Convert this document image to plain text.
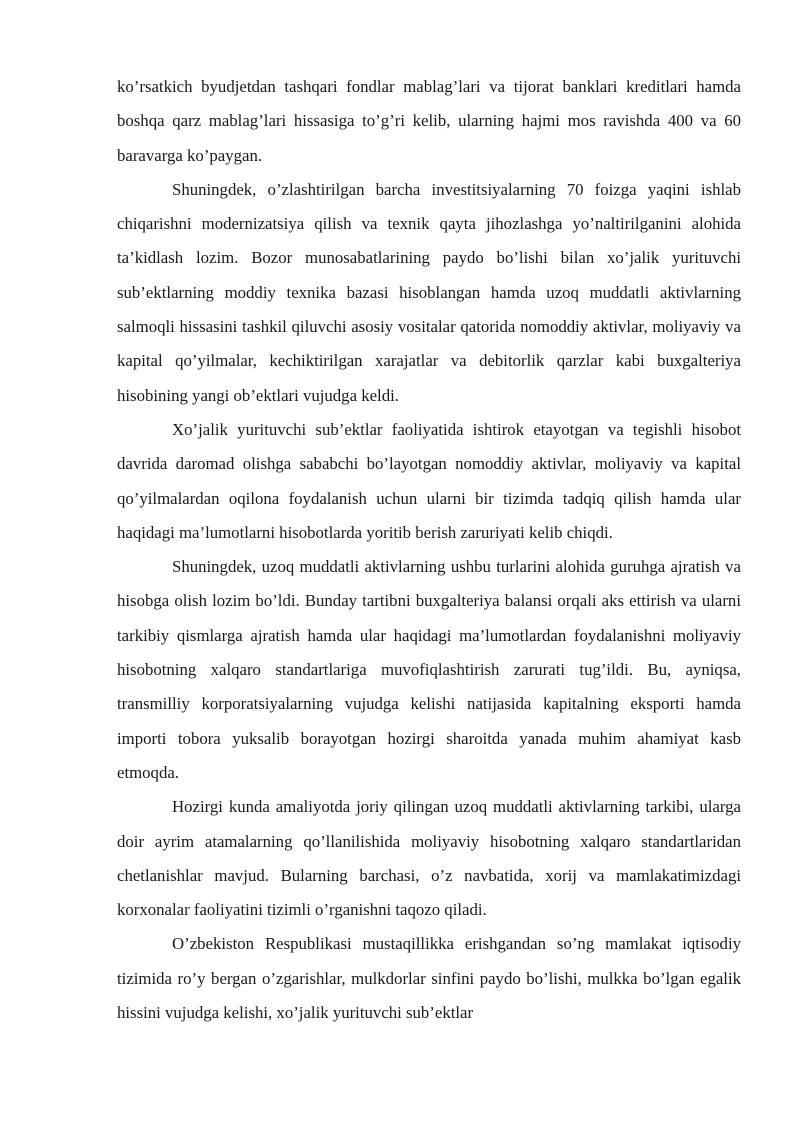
ko’rsatkich byudjetdan tashqari fondlar mablag’lari va tijorat banklari kreditlari hamda boshqa qarz mablag’lari hissasiga to’g’ri kelib, ularning hajmi mos ravishda 400 va 60 baravarga ko’paygan.

Shuningdek, o’zlashtirilgan barcha investitsiyalarning 70 foizga yaqini ishlab chiqarishni modernizatsiya qilish va texnik qayta jihozlashga yo’naltirilganini alohida ta’kidlash lozim. Bozor munosabatlarining paydo bo’lishi bilan xo’jalik yurituvchi sub’ektlarning moddiy texnika bazasi hisoblangan hamda uzoq muddatli aktivlarning salmoqli hissasini tashkil qiluvchi asosiy vositalar qatorida nomoddiy aktivlar, moliyaviy va kapital qo’yilmalar, kechiktirilgan xarajatlar va debitorlik qarzlar kabi buxgalteriya hisobining yangi ob’ektlari vujudga keldi.

Xo’jalik yurituvchi sub’ektlar faoliyatida ishtirok etayotgan va tegishli hisobot davrida daromad olishga sababchi bo’layotgan nomoddiy aktivlar, moliyaviy va kapital qo’yilmalardan oqilona foydalanish uchun ularni bir tizimda tadqiq qilish hamda ular haqidagi ma’lumotlarni hisobotlarda yoritib berish zaruriyati kelib chiqdi.

Shuningdek, uzoq muddatli aktivlarning ushbu turlarini alohida guruhga ajratish va hisobga olish lozim bo’ldi. Bunday tartibni buxgalteriya balansi orqali aks ettirish va ularni tarkibiy qismlarga ajratish hamda ular haqidagi ma’lumotlardan foydalanishni moliyaviy hisobotning xalqaro standartlariga muvofiqlashtirish zarurati tug’ildi. Bu, ayniqsa, transmilliy korporatsiyalarning vujudga kelishi natijasida kapitalning eksporti hamda importi tobora yuksalib borayotgan hozirgi sharoitda yanada muhim ahamiyat kasb etmoqda.

Hozirgi kunda amaliyotda joriy qilingan uzoq muddatli aktivlarning tarkibi, ularga doir ayrim atamalarning qo’llanilishida moliyaviy hisobotning xalqaro standartlaridan chetlanishlar mavjud. Bularning barchasi, o’z navbatida, xorij va mamlakatimizdagi korxonalar faoliyatini tizimli o’rganishni taqozo qiladi.

O’zbekiston Respublikasi mustaqillikka erishgandan so’ng mamlakat iqtisodiy tizimida ro’y bergan o’zgarishlar, mulkdorlar sinfini paydo bo’lishi, mulkka bo’lgan egalik hissini vujudga kelishi, xo’jalik yurituvchi sub’ektlar
